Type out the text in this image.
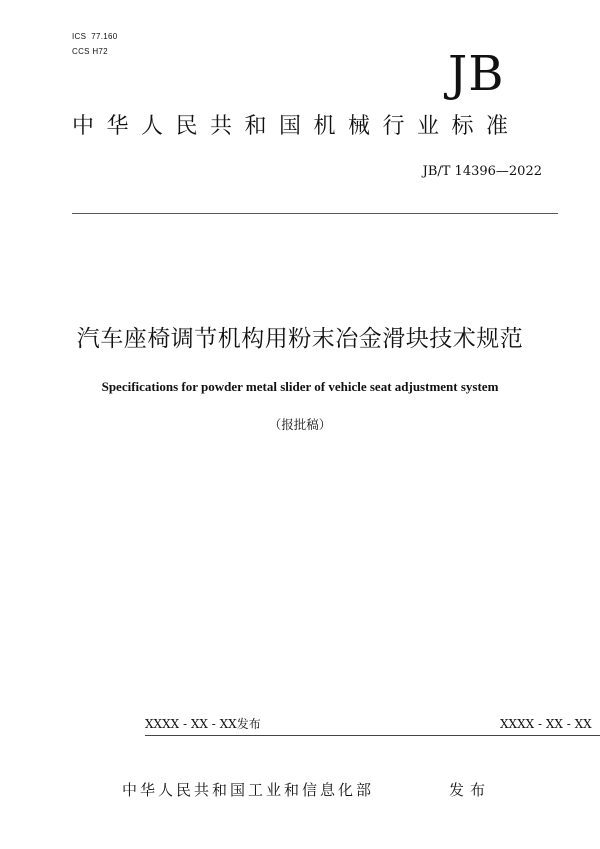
ICS  77.160
CCS H72	JB
中华人民共和国机械行业标准
JB/T 14396—2022
汽车座椅调节机构用粉末冶金滑块技术规范
Specifications for powder metal slider of vehicle seat adjustment system
（报批稿）
XXXX - XX - XX发布	XXXX - XX - XX
中华人民共和国工业和信息化部	发布
